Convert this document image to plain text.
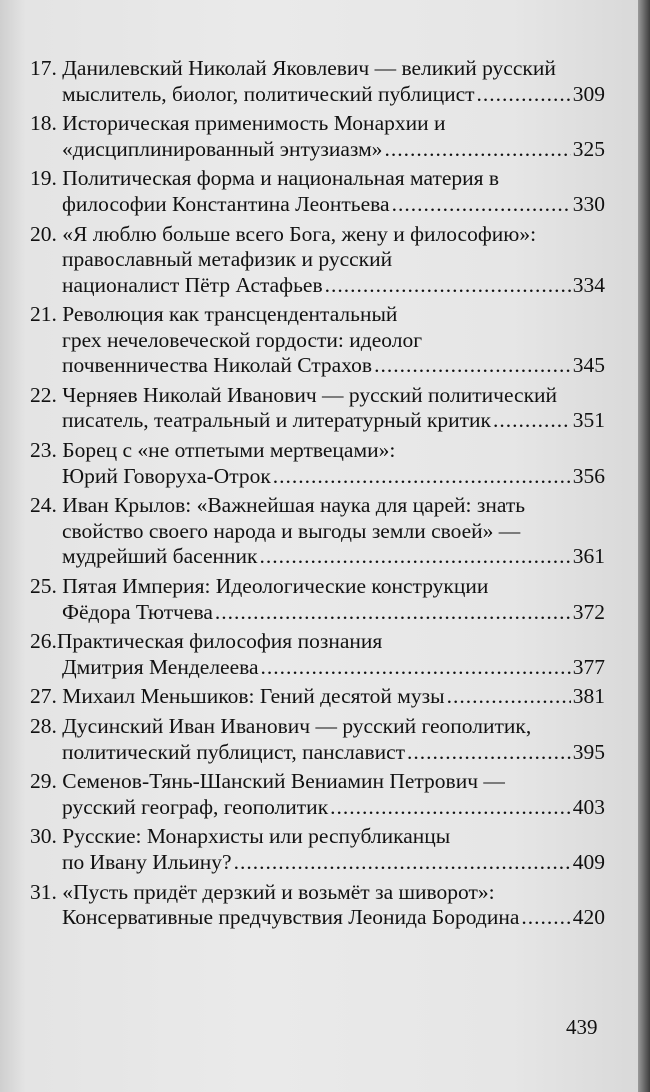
17. Данилевский Николай Яковлевич — великий русский
мыслитель, биолог, политический публицист .....	309
18. Историческая применимость Монархии и
«дисциплинированный энтузиазм» .....	325
19. Политическая форма и национальная материя в
философии Константина Леонтьева .....	330
20. «Я люблю больше всего Бога, жену и философию»:
православный метафизик и русский
националист Пётр Астафьев .....	334
21. Революция как трансцендентальный
грех нечеловеческой гордости: идеолог
почвенничества Николай Страхов .....	345
22. Черняев Николай Иванович — русский политический
писатель, театральный и литературный критик .....	351
23. Борец с «не отпетыми мертвецами»:
Юрий Говоруха-Отрок .....	356
24. Иван Крылов: «Важнейшая наука для царей: знать
свойство своего народа и выгоды земли своей» —
мудрейший басенник .....	361
25. Пятая Империя: Идеологические конструкции
Фёдора Тютчева .....	372
26.Практическая философия познания
Дмитрия Менделеева .....	377
27. Михаил Меньшиков: Гений десятой музы .....	381
28. Дусинский Иван Иванович — русский геополитик,
политический публицист, панславист .....	395
29. Семенов-Тянь-Шанский Вениамин Петрович —
русский географ, геополитик .....	403
30. Русские: Монархисты или республиканцы
по Ивану Ильину? .....	409
31. «Пусть придёт дерзкий и возьмёт за шиворот»:
Консервативные предчувствия Леонида Бородина ..... 420
439
